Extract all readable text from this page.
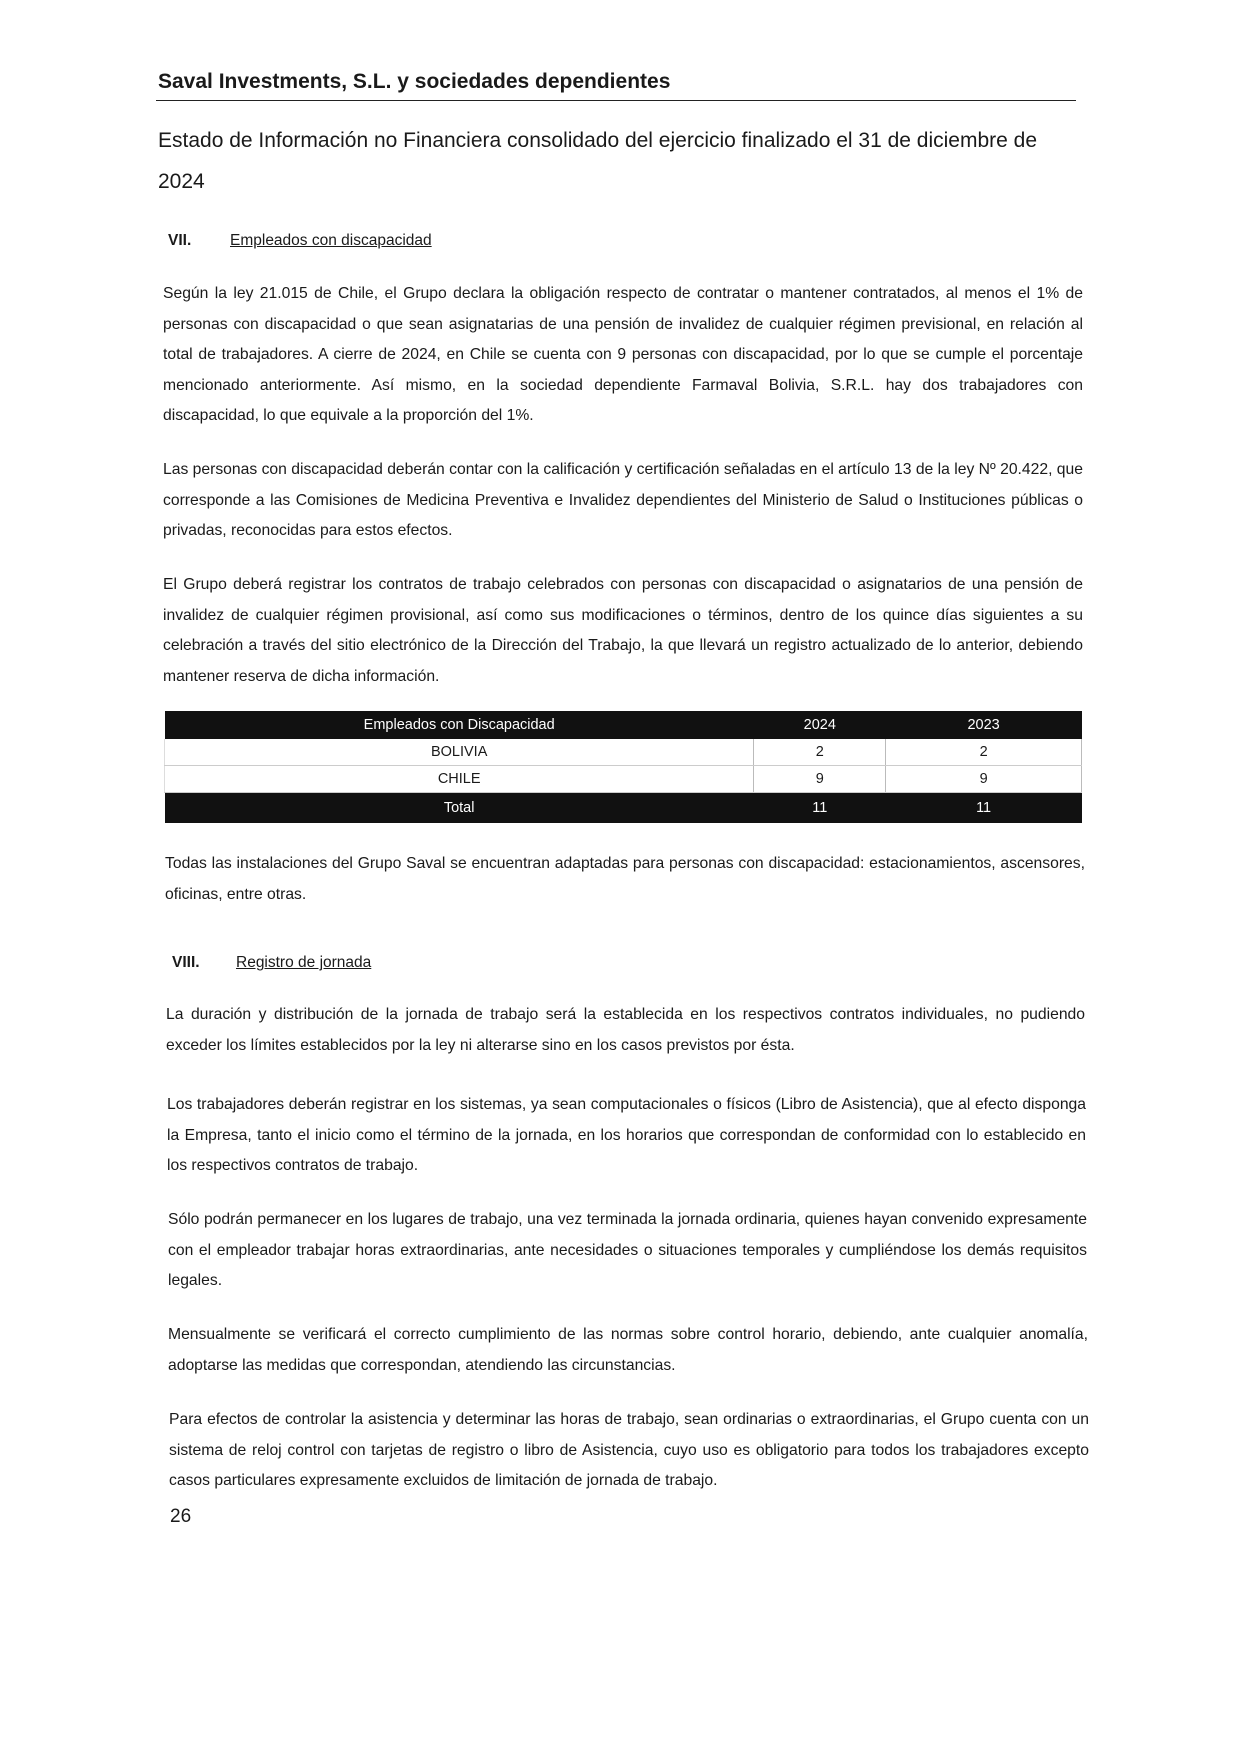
Saval Investments, S.L. y sociedades dependientes
Estado de Información no Financiera consolidado del ejercicio finalizado el 31 de diciembre de 2024
VII. Empleados con discapacidad
Según la ley 21.015 de Chile, el Grupo declara la obligación respecto de contratar o mantener contratados, al menos el 1% de personas con discapacidad o que sean asignatarias de una pensión de invalidez de cualquier régimen previsional, en relación al total de trabajadores. A cierre de 2024, en Chile se cuenta con 9 personas con discapacidad, por lo que se cumple el porcentaje mencionado anteriormente. Así mismo, en la sociedad dependiente Farmaval Bolivia, S.R.L. hay dos trabajadores con discapacidad, lo que equivale a la proporción del 1%.
Las personas con discapacidad deberán contar con la calificación y certificación señaladas en el artículo 13 de la ley Nº 20.422, que corresponde a las Comisiones de Medicina Preventiva e Invalidez dependientes del Ministerio de Salud o Instituciones públicas o privadas, reconocidas para estos efectos.
El Grupo deberá registrar los contratos de trabajo celebrados con personas con discapacidad o asignatarios de una pensión de invalidez de cualquier régimen provisional, así como sus modificaciones o términos, dentro de los quince días siguientes a su celebración a través del sitio electrónico de la Dirección del Trabajo, la que llevará un registro actualizado de lo anterior, debiendo mantener reserva de dicha información.
Empleados con Discapacidad	2024	2023
BOLIVIA	2	2
CHILE	9	9
Total	11	11
Todas las instalaciones del Grupo Saval se encuentran adaptadas para personas con discapacidad: estacionamientos, ascensores, oficinas, entre otras.
VIII. Registro de jornada
La duración y distribución de la jornada de trabajo será la establecida en los respectivos contratos individuales, no pudiendo exceder los límites establecidos por la ley ni alterarse sino en los casos previstos por ésta.
Los trabajadores deberán registrar en los sistemas, ya sean computacionales o físicos (Libro de Asistencia), que al efecto disponga la Empresa, tanto el inicio como el término de la jornada, en los horarios que correspondan de conformidad con lo establecido en los respectivos contratos de trabajo.
Sólo podrán permanecer en los lugares de trabajo, una vez terminada la jornada ordinaria, quienes hayan convenido expresamente con el empleador trabajar horas extraordinarias, ante necesidades o situaciones temporales y cumpliéndose los demás requisitos legales.
Mensualmente se verificará el correcto cumplimiento de las normas sobre control horario, debiendo, ante cualquier anomalía, adoptarse las medidas que correspondan, atendiendo las circunstancias.
Para efectos de controlar la asistencia y determinar las horas de trabajo, sean ordinarias o extraordinarias, el Grupo cuenta con un sistema de reloj control con tarjetas de registro o libro de Asistencia, cuyo uso es obligatorio para todos los trabajadores excepto casos particulares expresamente excluidos de limitación de jornada de trabajo.
26
